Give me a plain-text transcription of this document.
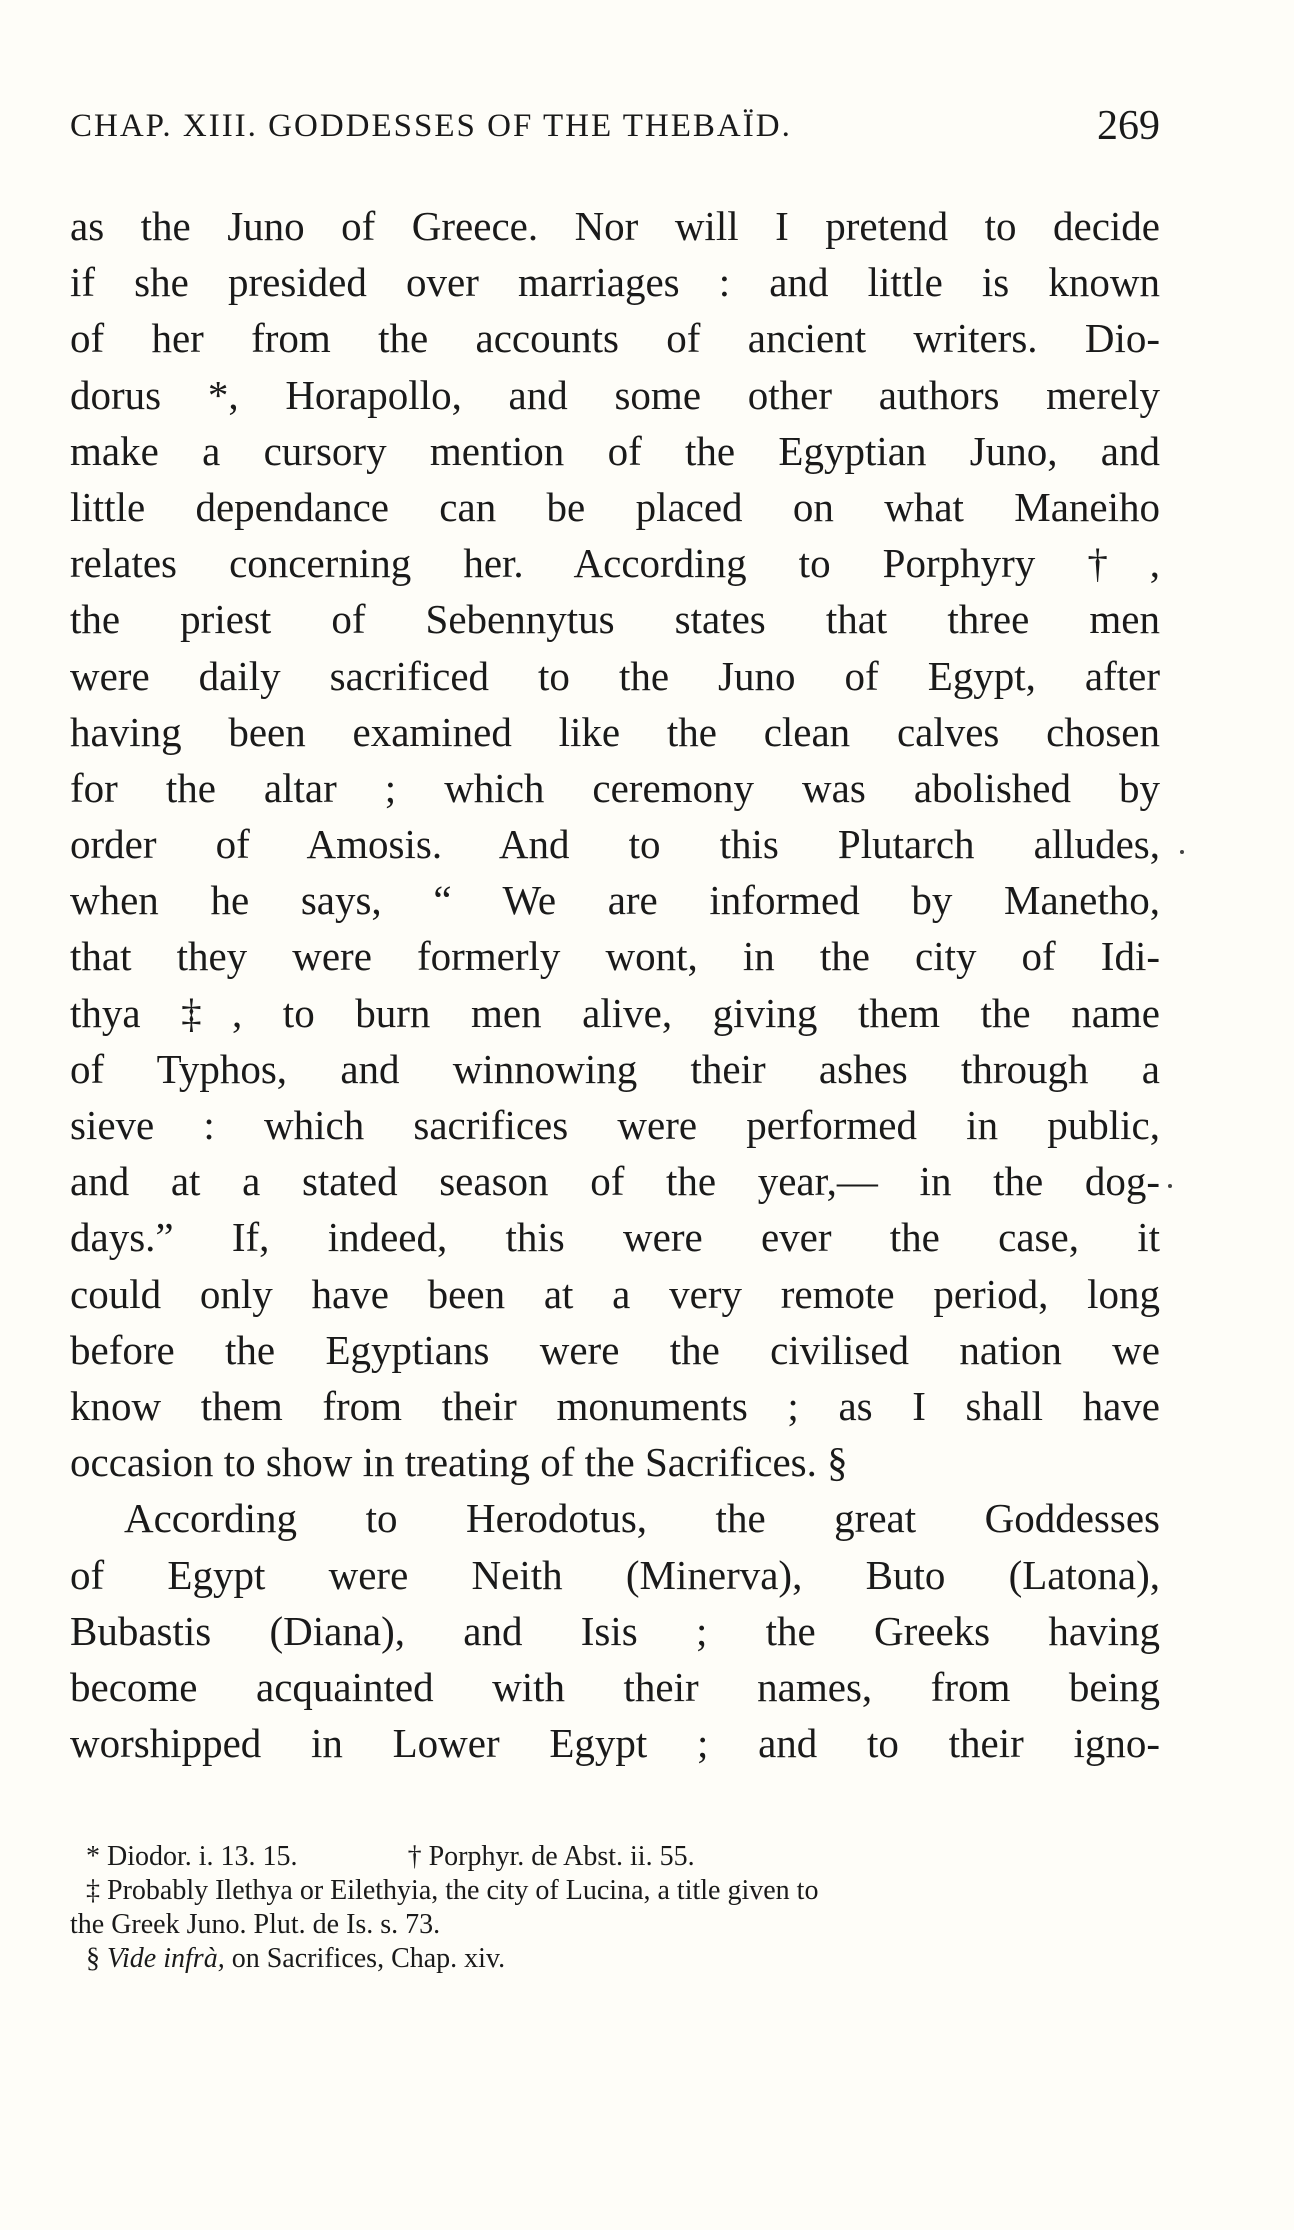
CHAP. XIII. GODDESSES OF THE THEBAÏD.	269
as the Juno of Greece. Nor will I pretend to decide
if she presided over marriages : and little is known
of her from the accounts of ancient writers. Dio-
dorus *, Horapollo, and some other authors merely
make a cursory mention of the Egyptian Juno, and
little dependance can be placed on what Maneiho
relates concerning her. According to Porphyry †,
the priest of Sebennytus states that three men
were daily sacrificed to the Juno of Egypt, after
having been examined like the clean calves chosen
for the altar ; which ceremony was abolished by
order of Amosis. And to this Plutarch alludes,
when he says, “ We are informed by Manetho,
that they were formerly wont, in the city of Idi-
thya ‡, to burn men alive, giving them the name
of Typhos, and winnowing their ashes through a
sieve : which sacrifices were performed in public,
and at a stated season of the year,— in the dog-
days.” If, indeed, this were ever the case, it
could only have been at a very remote period, long
before the Egyptians were the civilised nation we
know them from their monuments ; as I shall have
occasion to show in treating of the Sacrifices. §
According to Herodotus, the great Goddesses
of Egypt were Neith (Minerva), Buto (Latona),
Bubastis (Diana), and Isis ; the Greeks having
become acquainted with their names, from being
worshipped in Lower Egypt ; and to their igno-
* Diodor. i. 13. 15.	† Porphyr. de Abst. ii. 55.
‡ Probably Ilethya or Eilethyia, the city of Lucina, a title given to
the Greek Juno. Plut. de Is. s. 73.
§ Vide infrà, on Sacrifices, Chap. xiv.
